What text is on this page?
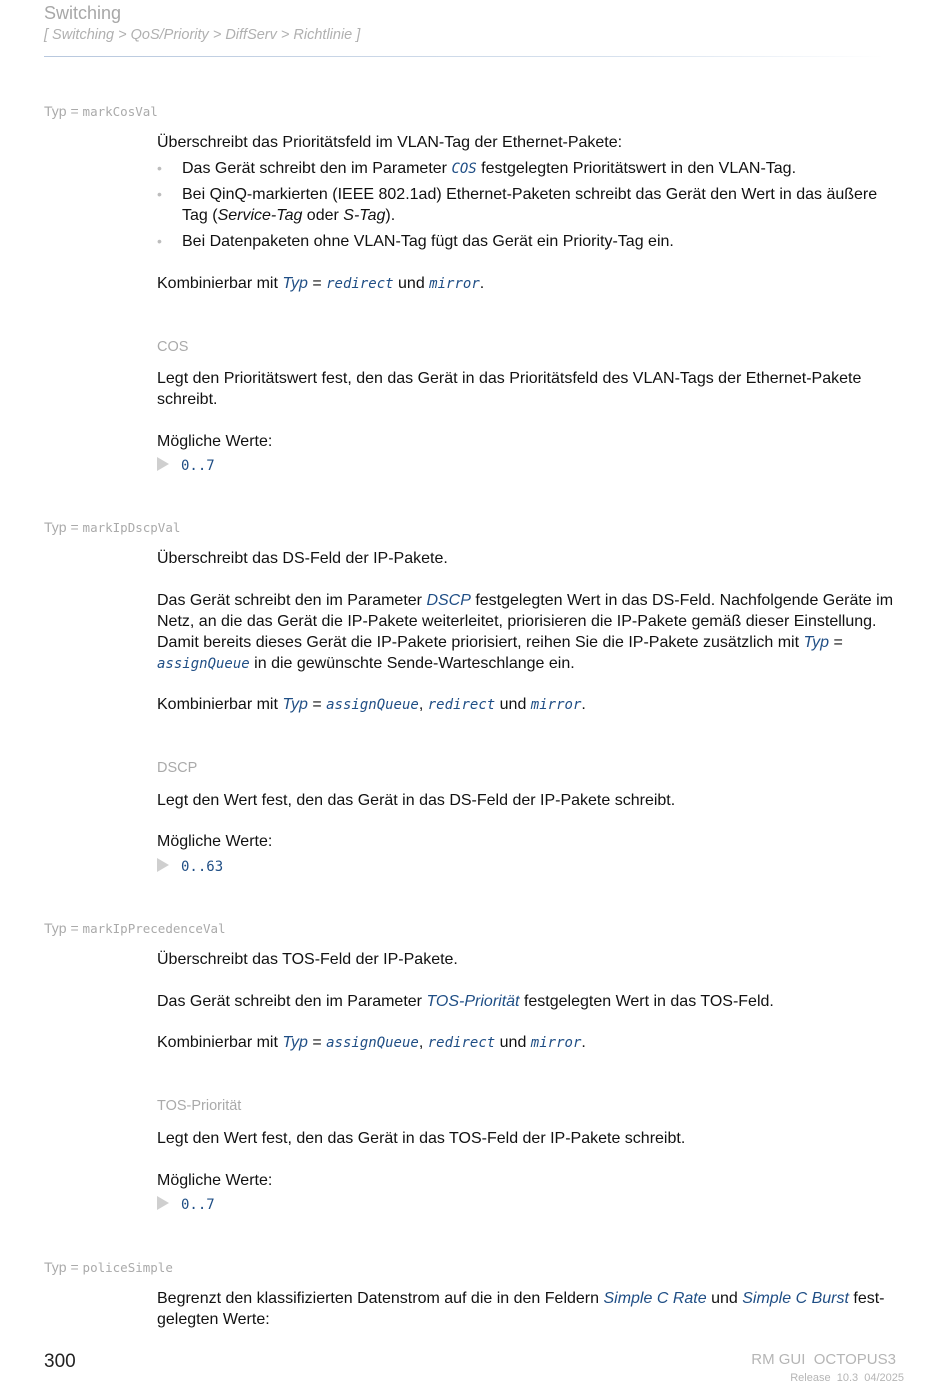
Switching
[ Switching > QoS/Priority > DiffServ > Richtlinie ]
Typ = markCosVal
Überschreibt das Prioritätsfeld im VLAN-Tag der Ethernet-Pakete:
• Das Gerät schreibt den im Parameter COS festgelegten Prioritätswert in den VLAN-Tag.
• Bei QinQ-markierten (IEEE 802.1ad) Ethernet-Paketen schreibt das Gerät den Wert in das äußere Tag (Service-Tag oder S-Tag).
• Bei Datenpaketen ohne VLAN-Tag fügt das Gerät ein Priority-Tag ein.
Kombinierbar mit Typ = redirect und mirror.
COS
Legt den Prioritätswert fest, den das Gerät in das Prioritätsfeld des VLAN-Tags der Ethernet-Pakete schreibt.
Mögliche Werte:
0..7
Typ = markIpDscpVal
Überschreibt das DS-Feld der IP-Pakete.
Das Gerät schreibt den im Parameter DSCP festgelegten Wert in das DS-Feld. Nachfolgende Geräte im Netz, an die das Gerät die IP-Pakete weiterleitet, priorisieren die IP-Pakete gemäß dieser Einstellung. Damit bereits dieses Gerät die IP-Pakete priorisiert, reihen Sie die IP-Pakete zusätzlich mit Typ = assignQueue in die gewünschte Sende-Warteschlange ein.
Kombinierbar mit Typ = assignQueue, redirect und mirror.
DSCP
Legt den Wert fest, den das Gerät in das DS-Feld der IP-Pakete schreibt.
Mögliche Werte:
0..63
Typ = markIpPrecedenceVal
Überschreibt das TOS-Feld der IP-Pakete.
Das Gerät schreibt den im Parameter TOS-Priorität festgelegten Wert in das TOS-Feld.
Kombinierbar mit Typ = assignQueue, redirect und mirror.
TOS-Priorität
Legt den Wert fest, den das Gerät in das TOS-Feld der IP-Pakete schreibt.
Mögliche Werte:
0..7
Typ = policeSimple
Begrenzt den klassifizierten Datenstrom auf die in den Feldern Simple C Rate und Simple C Burst festgelegten Werte:
300	RM GUI  OCTOPUS3
Release  10.3  04/2025
